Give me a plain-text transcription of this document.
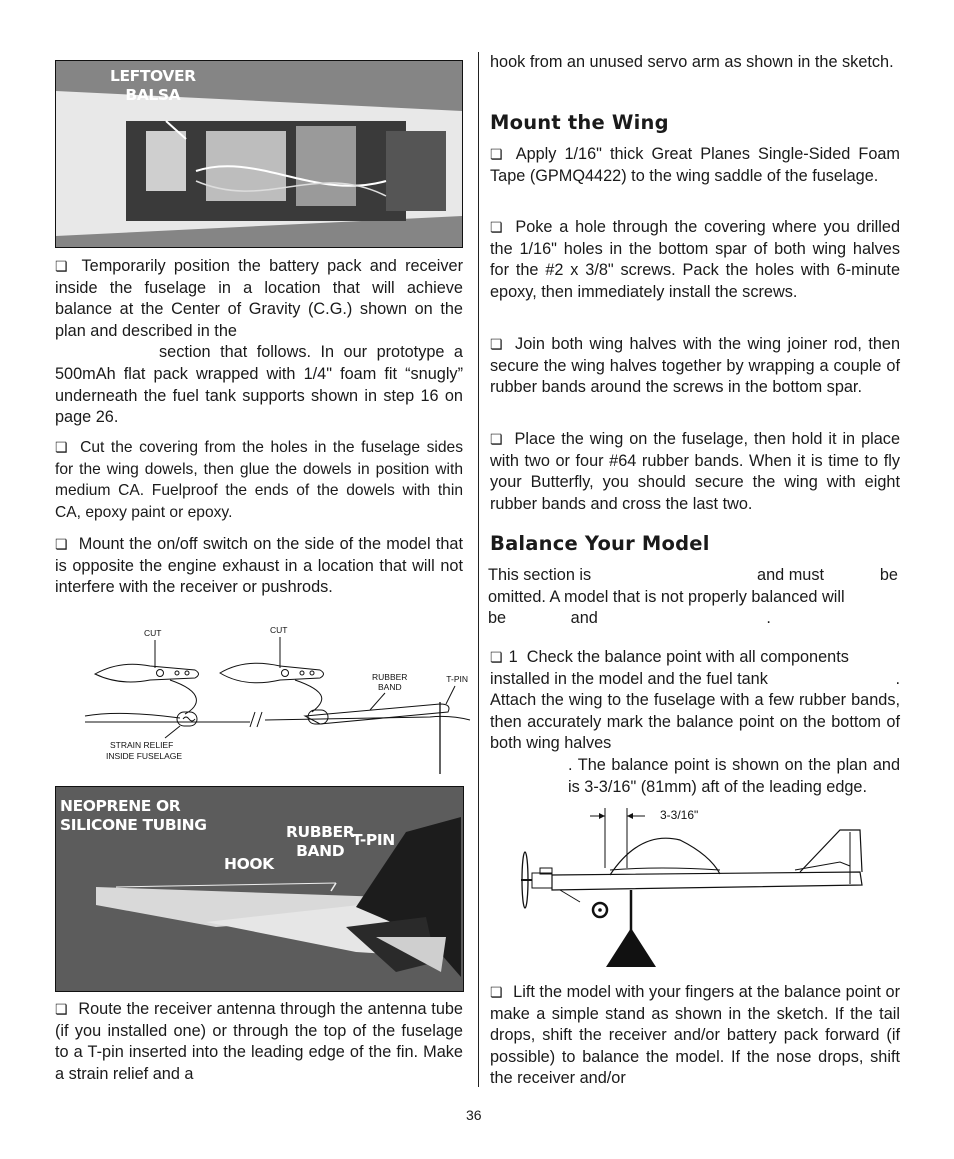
LEFTOVER
BALSA

❏ Temporarily position the battery pack and receiver inside the fuselage in a location that will achieve balance at the Center of Gravity (C.G.) shown on the plan and described in the
section that follows. In our prototype a 500mAh flat pack wrapped with 1/4" foam fit “snugly” underneath the fuel tank supports shown in step 16 on page 26.

❏ Cut the covering from the holes in the fuselage sides for the wing dowels, then glue the dowels in position with medium CA. Fuelproof the ends of the dowels with thin CA, epoxy paint or epoxy.

❏ Mount the on/off switch on the side of the model that is opposite the engine exhaust in a location that will not interfere with the receiver or pushrods.

CUT	CUT
RUBBER
BAND
T-PIN
STRAIN RELIEF
INSIDE FUSELAGE
NEOPRENE OR
SILICONE TUBING	RUBBER
BAND
T-PIN
HOOK

❏ Route the receiver antenna through the antenna tube (if you installed one) or through the top of the fuselage to a T-pin inserted into the leading edge of the fin. Make a strain relief and a

hook from an unused servo arm as shown in the sketch.

Mount the Wing

❏ Apply 1/16" thick Great Planes Single-Sided Foam Tape (GPMQ4422) to the wing saddle of the fuselage.

❏ Poke a hole through the covering where you drilled the 1/16" holes in the bottom spar of both wing halves for the #2 x 3/8" screws. Pack the holes with 6-minute epoxy, then immediately install the screws.

❏ Join both wing halves with the wing joiner rod, then secure the wing halves together by wrapping a couple of rubber bands around the screws in the bottom spar.

❏ Place the wing on the fuselage, then hold it in place with two or four #64 rubber bands. When it is time to fly your Butterfly, you should secure the wing with eight rubber bands and cross the last two.

Balance Your Model
This section is	and must	be
omitted. A model that is not properly balanced will
be	and	.
❏ 1 Check the balance point with all components
installed in the model and the fuel tank	.
Attach the wing to the fuselage with a few rubber bands, then accurately mark the balance point on the bottom of both wing halves
. The balance point is shown on the plan and is 3-3/16" (81mm) aft of the leading edge.
3-3/16"

❏ Lift the model with your fingers at the balance point or make a simple stand as shown in the sketch. If the tail drops, shift the receiver and/or battery pack forward (if possible) to balance the model. If the nose drops, shift the receiver and/or

36
